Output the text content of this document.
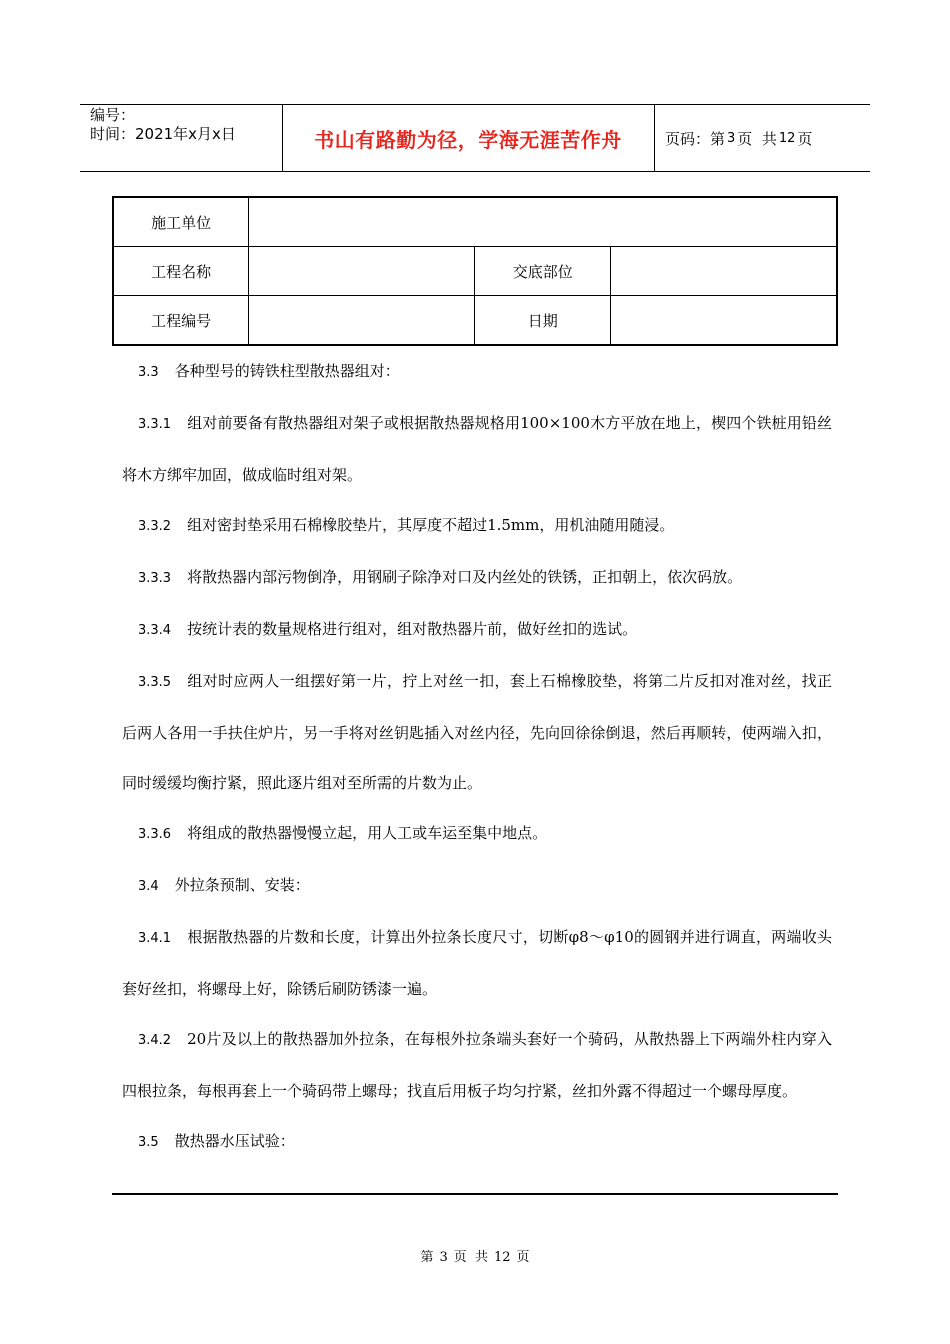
编号：
时间：2021年x月x日	书山有路勤为径，学海无涯苦作舟	页码：第 3 页  共 12 页
施工单位			
工程名称		交底部位	
工程编号		日期	

3.3 各种型号的铸铁柱型散热器组对：

3.3.1 组对前要备有散热器组对架子或根据散热器规格用100×100木方平放在地上，楔四个铁桩用铅丝将木方绑牢加固，做成临时组对架。

3.3.2 组对密封垫采用石棉橡胶垫片，其厚度不超过1.5mm，用机油随用随浸。

3.3.3 将散热器内部污物倒净，用钢刷子除净对口及内丝处的铁锈，正扣朝上，依次码放。

3.3.4 按统计表的数量规格进行组对，组对散热器片前，做好丝扣的选试。

3.3.5 组对时应两人一组摆好第一片，拧上对丝一扣，套上石棉橡胶垫，将第二片反扣对准对丝，找正后两人各用一手扶住炉片，另一手将对丝钥匙插入对丝内径，先向回徐徐倒退，然后再顺转，使两端入扣，同时缓缓均衡拧紧，照此逐片组对至所需的片数为止。

3.3.6 将组成的散热器慢慢立起，用人工或车运至集中地点。

3.4 外拉条预制、安装：

3.4.1 根据散热器的片数和长度，计算出外拉条长度尺寸，切断φ8～φ10的圆钢并进行调直，两端收头套好丝扣，将螺母上好，除锈后刷防锈漆一遍。

3.4.2 20片及以上的散热器加外拉条，在每根外拉条端头套好一个骑码，从散热器上下两端外柱内穿入四根拉条，每根再套上一个骑码带上螺母；找直后用板子均匀拧紧，丝扣外露不得超过一个螺母厚度。

3.5 散热器水压试验：

第 3 页  共 12 页
